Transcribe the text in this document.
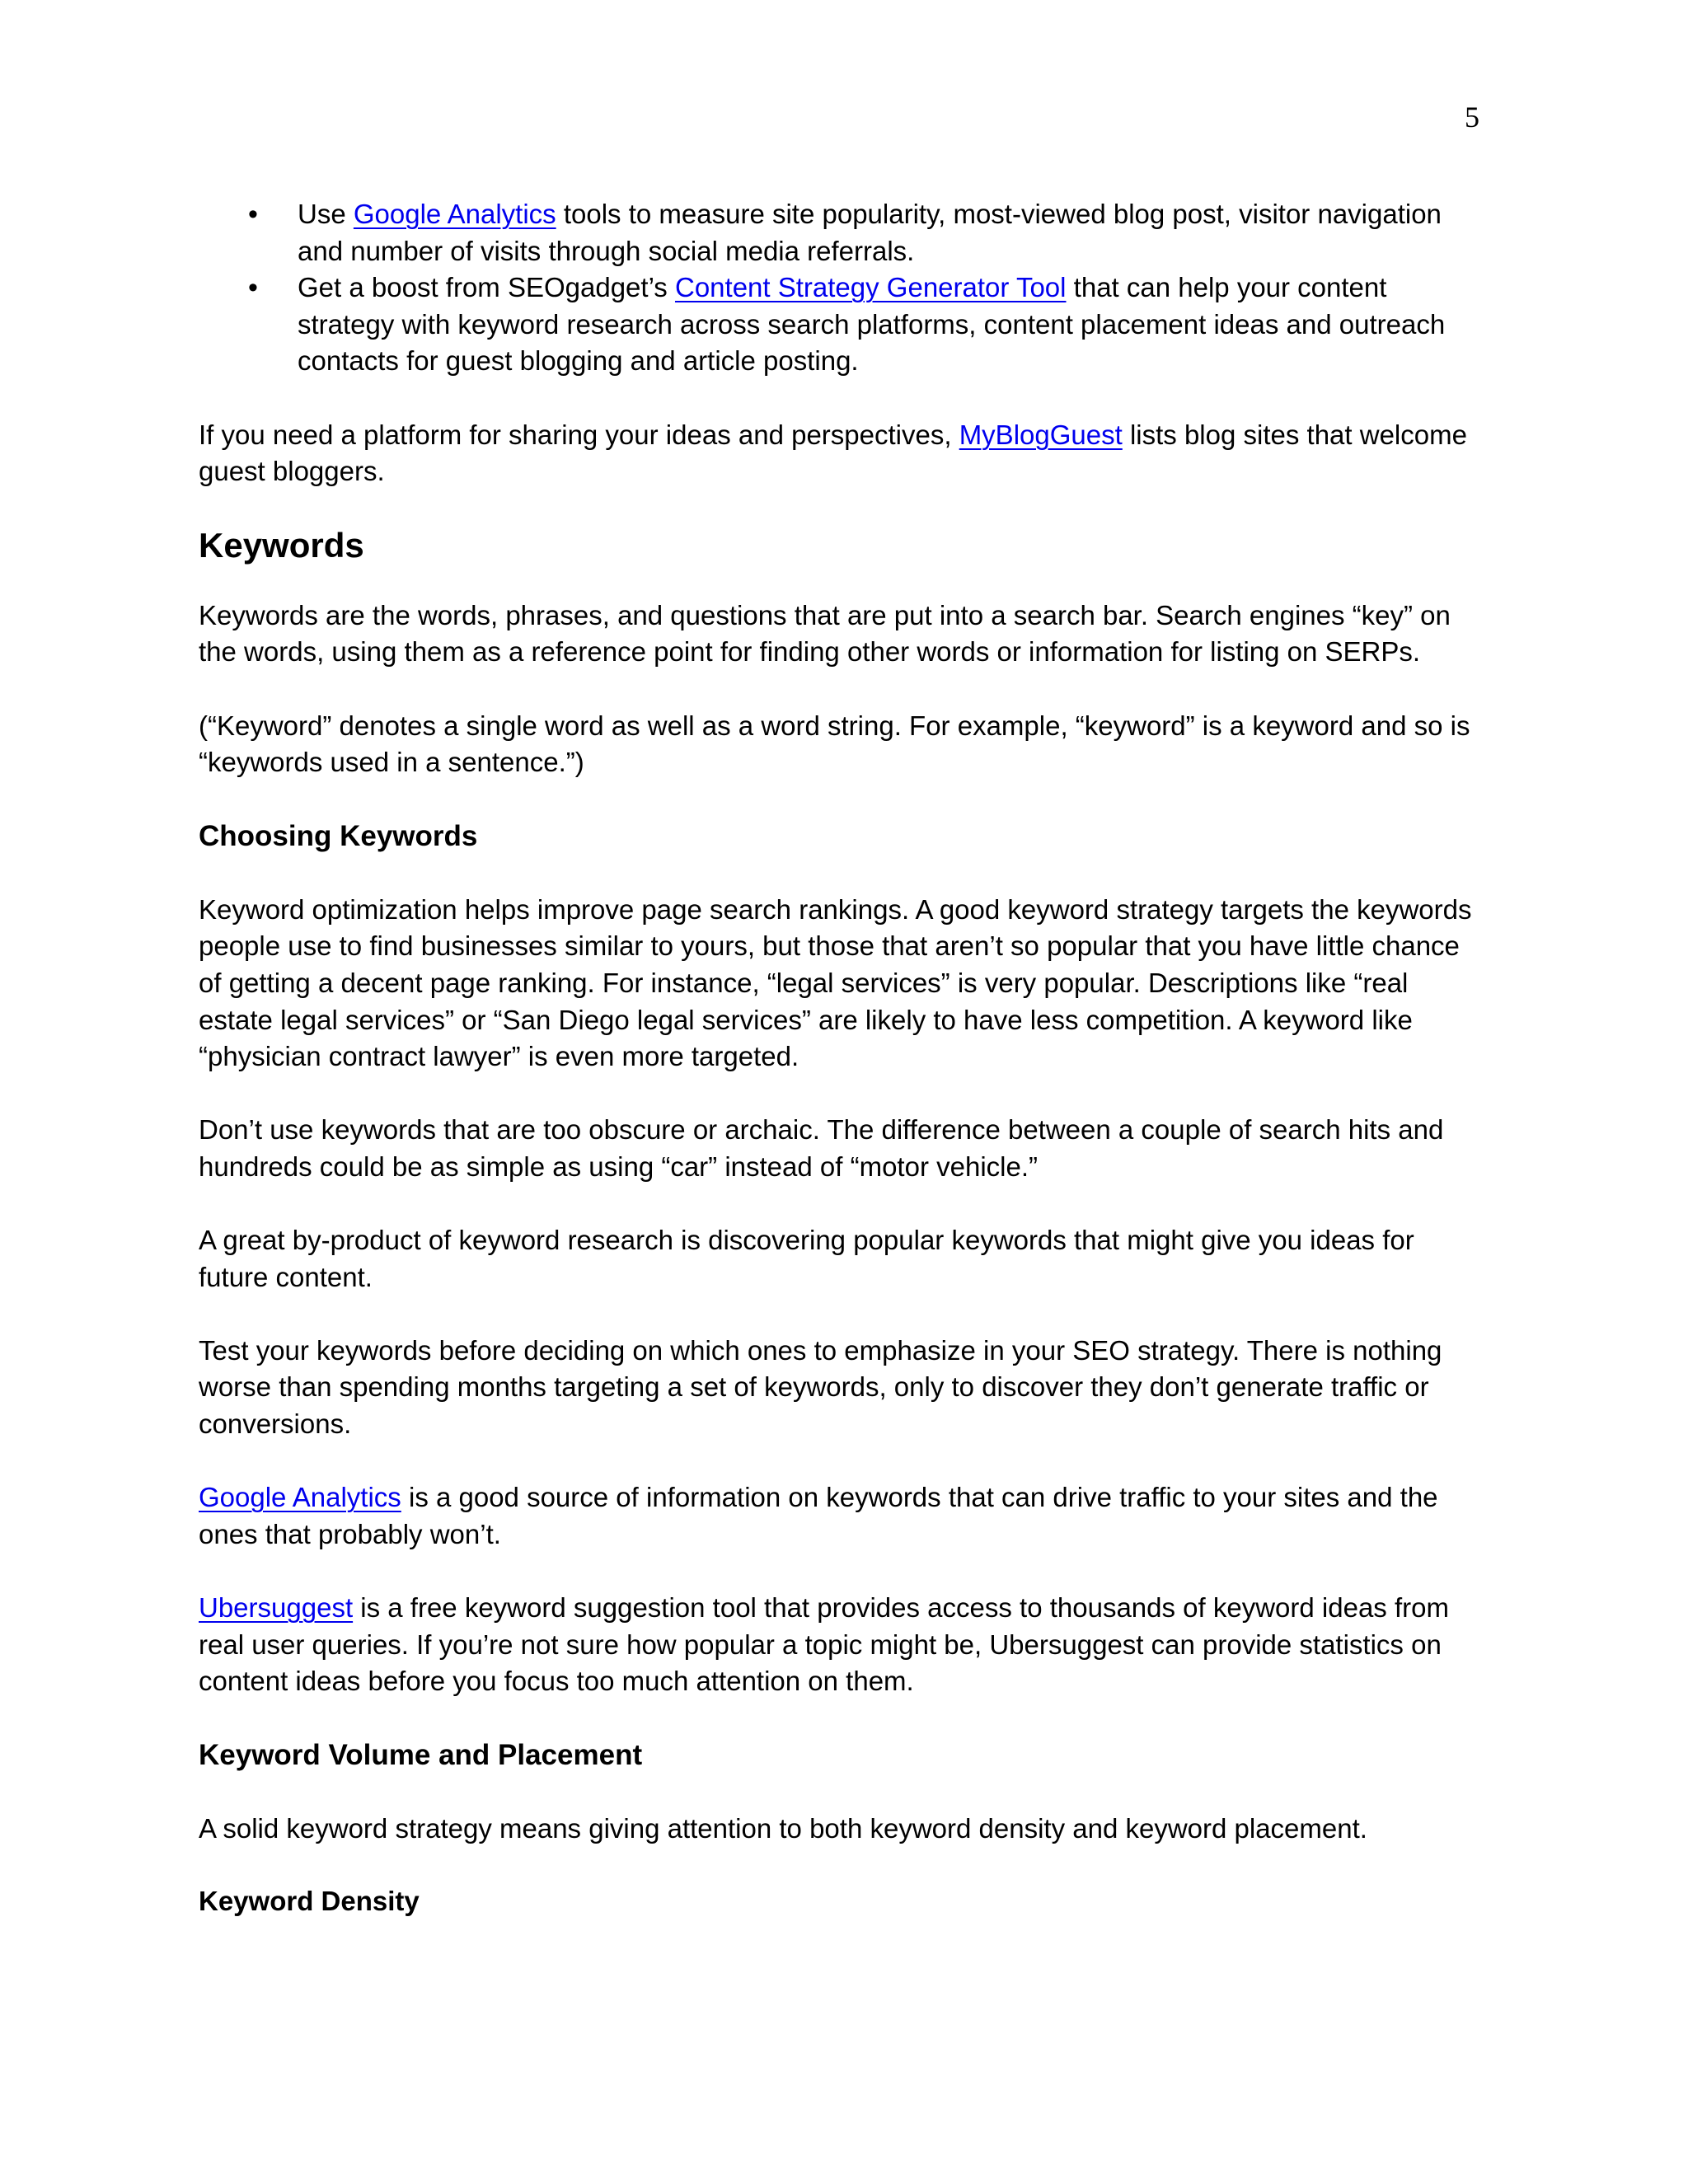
5
• Use Google Analytics tools to measure site popularity, most-viewed blog post, visitor navigation and number of visits through social media referrals.
• Get a boost from SEOgadget’s Content Strategy Generator Tool that can help your content strategy with keyword research across search platforms, content placement ideas and outreach contacts for guest blogging and article posting.

If you need a platform for sharing your ideas and perspectives, MyBlogGuest lists blog sites that welcome guest bloggers.

Keywords

Keywords are the words, phrases, and questions that are put into a search bar. Search engines “key” on the words, using them as a reference point for finding other words or information for listing on SERPs.

(“Keyword” denotes a single word as well as a word string. For example, “keyword” is a keyword and so is “keywords used in a sentence.”)

Choosing Keywords

Keyword optimization helps improve page search rankings. A good keyword strategy targets the keywords people use to find businesses similar to yours, but those that aren’t so popular that you have little chance of getting a decent page ranking. For instance, “legal services” is very popular. Descriptions like “real estate legal services” or “San Diego legal services” are likely to have less competition. A keyword like “physician contract lawyer” is even more targeted.

Don’t use keywords that are too obscure or archaic. The difference between a couple of search hits and hundreds could be as simple as using “car” instead of “motor vehicle.”

A great by-product of keyword research is discovering popular keywords that might give you ideas for future content.

Test your keywords before deciding on which ones to emphasize in your SEO strategy. There is nothing worse than spending months targeting a set of keywords, only to discover they don’t generate traffic or conversions.

Google Analytics is a good source of information on keywords that can drive traffic to your sites and the ones that probably won’t.

Ubersuggest is a free keyword suggestion tool that provides access to thousands of keyword ideas from real user queries. If you’re not sure how popular a topic might be, Ubersuggest can provide statistics on content ideas before you focus too much attention on them.

Keyword Volume and Placement

A solid keyword strategy means giving attention to both keyword density and keyword placement.

Keyword Density
